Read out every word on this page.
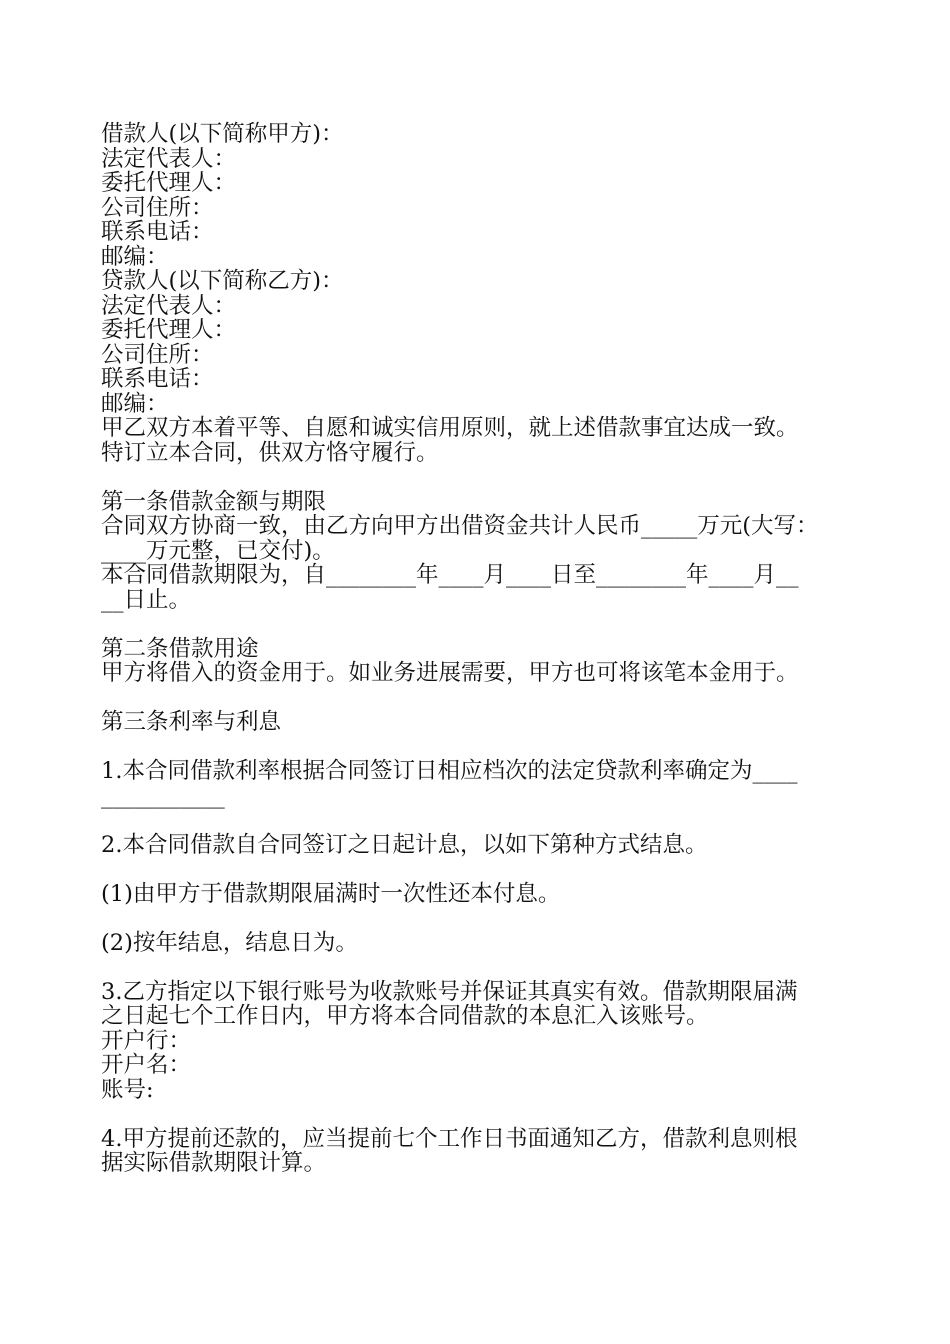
借款人(以下简称甲方)：
法定代表人：
委托代理人：
公司住所：
联系电话：
邮编：
贷款人(以下简称乙方)：
法定代表人：
委托代理人：
公司住所：
联系电话：
邮编：
甲乙双方本着平等、自愿和诚实信用原则，就上述借款事宜达成一致。
特订立本合同，供双方恪守履行。
第一条借款金额与期限
合同双方协商一致，由乙方向甲方出借资金共计人民币_____万元(大写：
____万元整，已交付)。
本合同借款期限为，自________年____月____日至________年____月__
__日止。
第二条借款用途
甲方将借入的资金用于。如业务进展需要，甲方也可将该笔本金用于。
第三条利率与利息
1.本合同借款利率根据合同签订日相应档次的法定贷款利率确定为____
___________
2.本合同借款自合同签订之日起计息，以如下第种方式结息。
(1)由甲方于借款期限届满时一次性还本付息。
(2)按年结息，结息日为。
3.乙方指定以下银行账号为收款账号并保证其真实有效。借款期限届满
之日起七个工作日内，甲方将本合同借款的本息汇入该账号。
开户行：
开户名：
账号:
4.甲方提前还款的，应当提前七个工作日书面通知乙方，借款利息则根
据实际借款期限计算。
